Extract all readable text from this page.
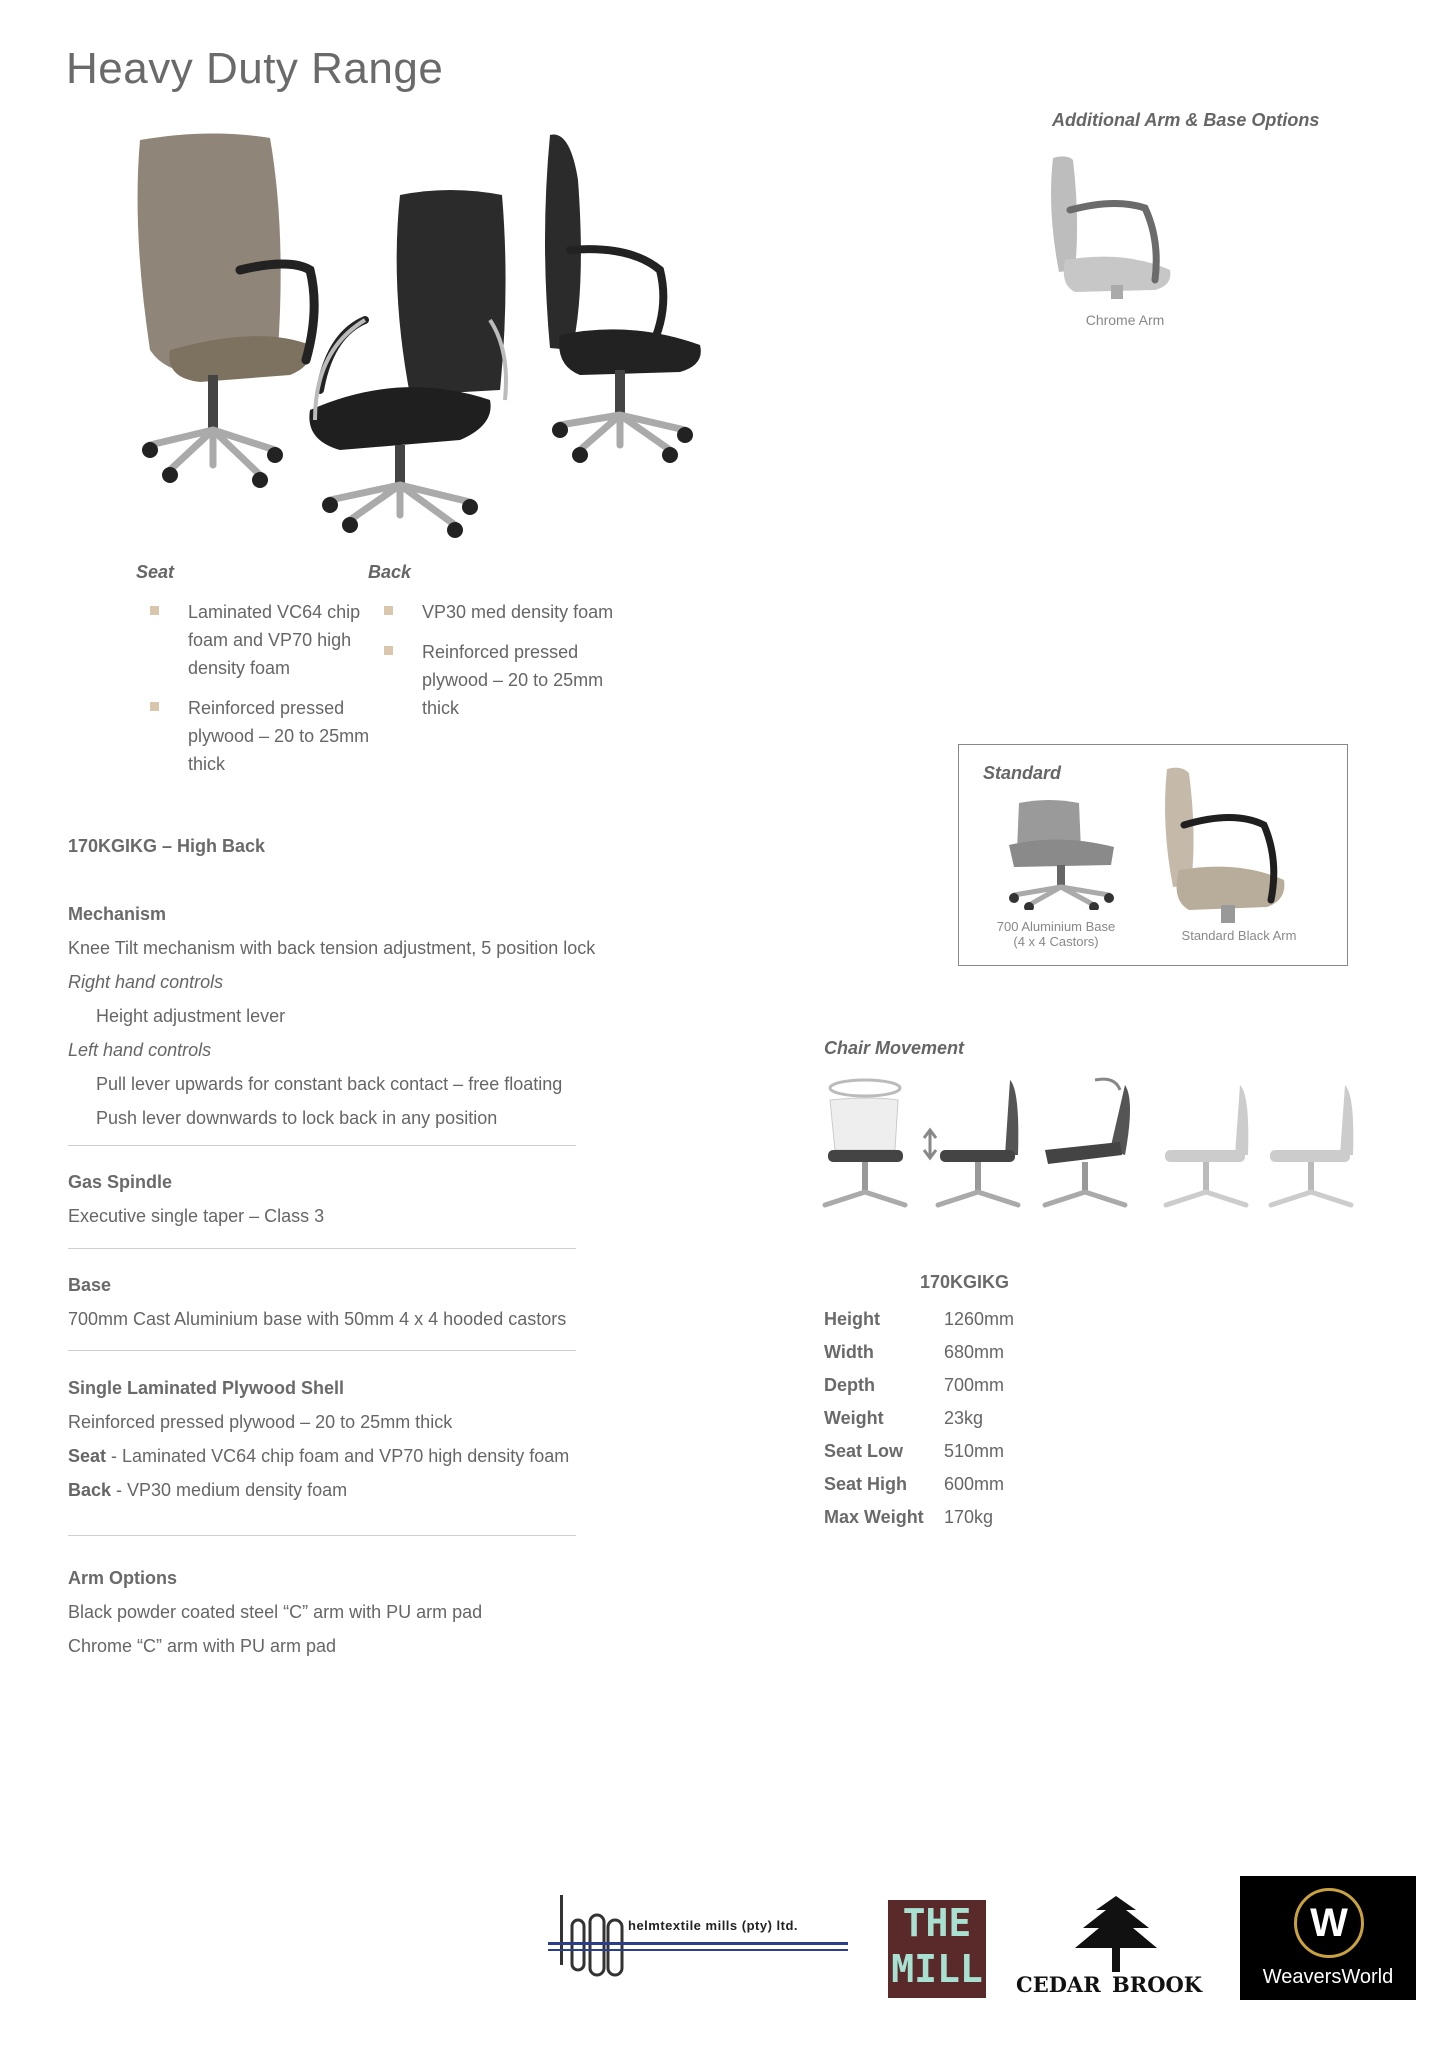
Heavy Duty Range
Additional Arm & Base Options
Chrome Arm
Seat	Back
Laminated VC64 chip foam and VP70 high density foam
Reinforced pressed plywood – 20 to 25mm thick
VP30 med density foam
Reinforced pressed plywood – 20 to 25mm thick
Standard
700 Aluminium Base
(4 x 4 Castors)	Standard Black Arm
170KGIKG – High Back
Mechanism
Knee Tilt mechanism with back tension adjustment, 5 position lock
Right hand controls
Height adjustment lever
Left hand controls
Pull lever upwards for constant back contact – free floating
Push lever downwards to lock back in any position
Gas Spindle
Executive single taper – Class 3
Base
700mm Cast Aluminium base with 50mm 4 x 4 hooded castors
Single Laminated Plywood Shell
Reinforced pressed plywood – 20 to 25mm thick
Seat - Laminated VC64 chip foam and VP70 high density foam
Back - VP30 medium density foam
Arm Options
Black powder coated steel “C” arm with PU arm pad
Chrome “C” arm with PU arm pad
Chair Movement
170KGIKG
Height	1260mm
Width	680mm
Depth	700mm
Weight	23kg
Seat Low	510mm
Seat High	600mm
Max Weight	170kg
helmtextile mills (pty) ltd.	THE
MILL CEDAR BROOK
W
WeaversWorld
